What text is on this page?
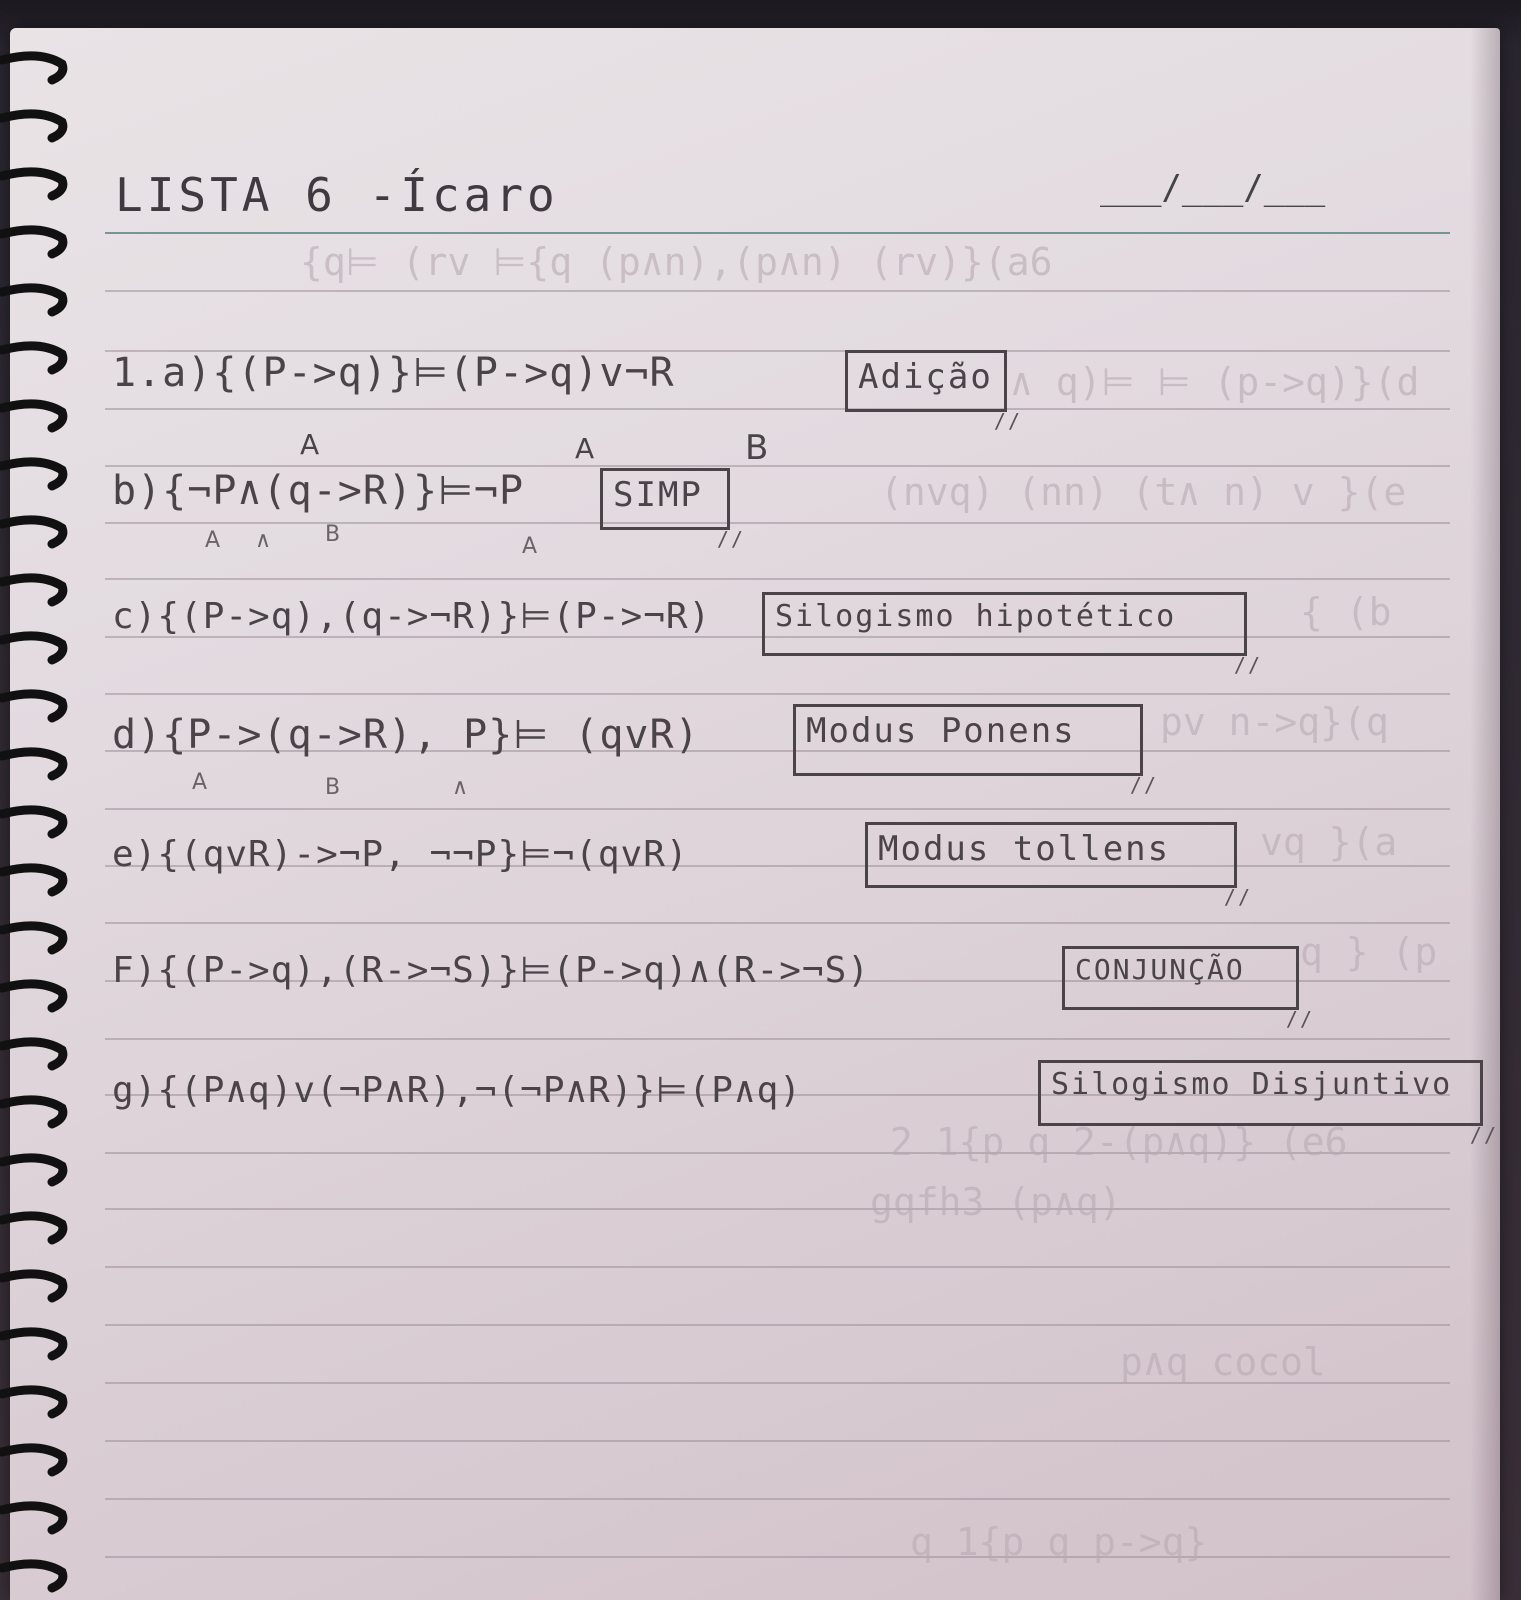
{q⊨ (rv ⊨{q (p∧n),(p∧n) (rv)}(a6
∧ q)⊨ ⊨ (p->q)}(d
(nvq) (nn) (t∧ n) v }(e
{ (b
pv n->q}(q
vq }(a
q } (p
2 1{p q 2-(p∧q)} (e6
gqfh3 (p∧q)
p∧q cocol
q 1{p q p->q}
LISTA 6 -Ícaro	___/___/___
1.a){(P->q)}⊨(P->q)v¬R	Adição //
A	A	B
b){¬P∧(q->R)}⊨¬P	SIMP //
A ∧ B	A
c){(P->q),(q->¬R)}⊨(P->¬R)	Silogismo hipotético //
d){P->(q->R), P}⊨ (qvR)	Modus Ponens //
A	B	∧
e){(qvR)->¬P, ¬¬P}⊨¬(qvR)	Modus tollens //
F){(P->q),(R->¬S)}⊨(P->q)∧(R->¬S)	CONJUNÇÃO //
g){(P∧q)v(¬P∧R),¬(¬P∧R)}⊨(P∧q)	Silogismo Disjuntivo //
